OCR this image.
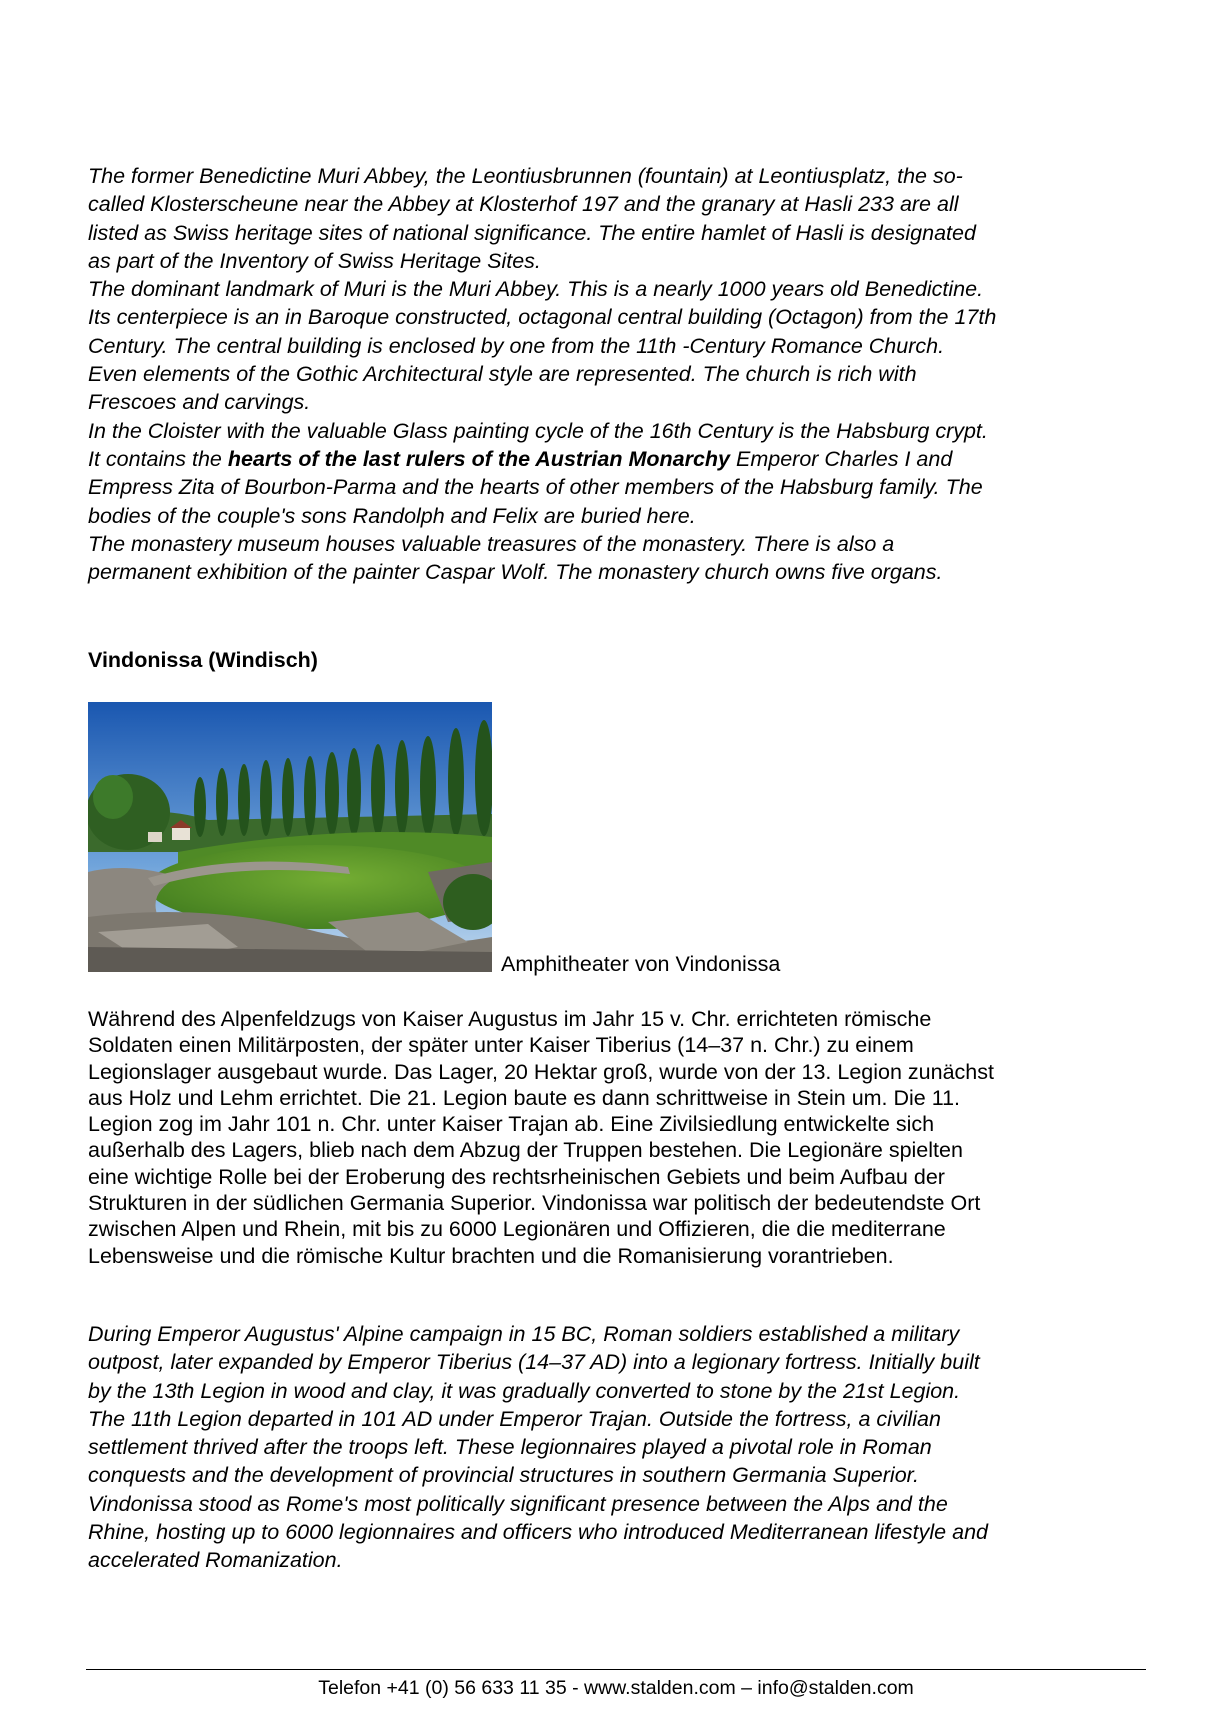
The former Benedictine Muri Abbey, the Leontiusbrunnen (fountain) at Leontiusplatz, the so-
called Klosterscheune near the Abbey at Klosterhof 197 and the granary at Hasli 233 are all
listed as Swiss heritage sites of national significance. The entire hamlet of Hasli is designated
as part of the Inventory of Swiss Heritage Sites.
The dominant landmark of Muri is the Muri Abbey. This is a nearly 1000 years old Benedictine.
Its centerpiece is an in Baroque constructed, octagonal central building (Octagon) from the 17th
Century. The central building is enclosed by one from the 11th -Century Romance Church.
Even elements of the Gothic Architectural style are represented. The church is rich with
Frescoes and carvings.
In the Cloister with the valuable Glass painting cycle of the 16th Century is the Habsburg crypt.
It contains the hearts of the last rulers of the Austrian Monarchy Emperor Charles I and
Empress Zita of Bourbon-Parma and the hearts of other members of the Habsburg family. The
bodies of the couple's sons Randolph and Felix are buried here.
The monastery museum houses valuable treasures of the monastery. There is also a
permanent exhibition of the painter Caspar Wolf. The monastery church owns five organs.
Vindonissa (Windisch)
Amphitheater von Vindonissa
Während des Alpenfeldzugs von Kaiser Augustus im Jahr 15 v. Chr. errichteten römische
Soldaten einen Militärposten, der später unter Kaiser Tiberius (14–37 n. Chr.) zu einem
Legionslager ausgebaut wurde. Das Lager, 20 Hektar groß, wurde von der 13. Legion zunächst
aus Holz und Lehm errichtet. Die 21. Legion baute es dann schrittweise in Stein um. Die 11.
Legion zog im Jahr 101 n. Chr. unter Kaiser Trajan ab. Eine Zivilsiedlung entwickelte sich
außerhalb des Lagers, blieb nach dem Abzug der Truppen bestehen. Die Legionäre spielten
eine wichtige Rolle bei der Eroberung des rechtsrheinischen Gebiets und beim Aufbau der
Strukturen in der südlichen Germania Superior. Vindonissa war politisch der bedeutendste Ort
zwischen Alpen und Rhein, mit bis zu 6000 Legionären und Offizieren, die die mediterrane
Lebensweise und die römische Kultur brachten und die Romanisierung vorantrieben.
During Emperor Augustus' Alpine campaign in 15 BC, Roman soldiers established a military
outpost, later expanded by Emperor Tiberius (14–37 AD) into a legionary fortress. Initially built
by the 13th Legion in wood and clay, it was gradually converted to stone by the 21st Legion.
The 11th Legion departed in 101 AD under Emperor Trajan. Outside the fortress, a civilian
settlement thrived after the troops left. These legionnaires played a pivotal role in Roman
conquests and the development of provincial structures in southern Germania Superior.
Vindonissa stood as Rome's most politically significant presence between the Alps and the
Rhine, hosting up to 6000 legionnaires and officers who introduced Mediterranean lifestyle and
accelerated Romanization.
Telefon +41 (0) 56 633 11 35 - www.stalden.com – info@stalden.com
